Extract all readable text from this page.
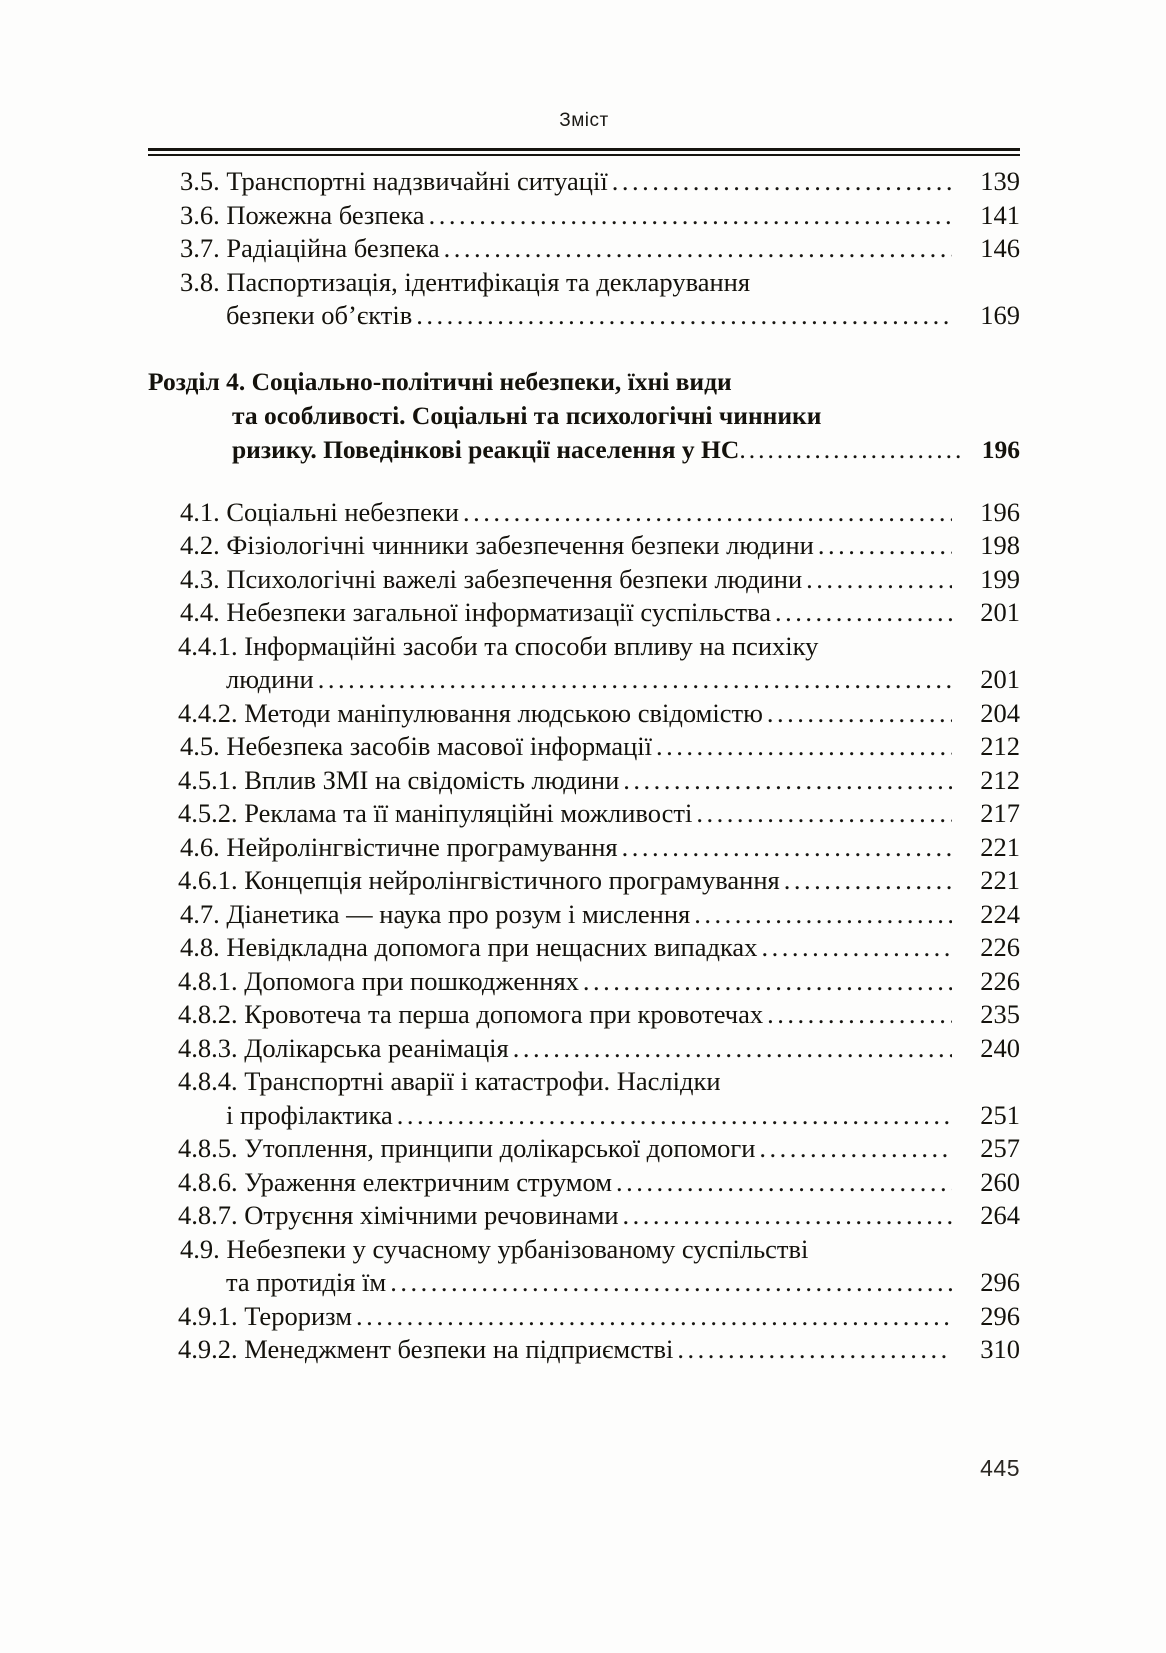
Зміст
3.5. Транспортні надзвичайні ситуації .....	139
3.6. Пожежна безпека .....	141
3.7. Радіаційна безпека .....	146
3.8. Паспортизація, ідентифікація та декларування
безпеки об’єктів .....	169
Розділ 4. Соціально-політичні небезпеки, їхні види
та особливості. Соціальні та психологічні чинники
ризику. Поведінкові реакції населення у НС .....	196
4.1. Соціальні небезпеки .....	196
4.2. Фізіологічні чинники забезпечення безпеки людини .....	198
4.3. Психологічні важелі забезпечення безпеки людини .....	199
4.4. Небезпеки загальної інформатизації суспільства .....	201
4.4.1. Інформаційні засоби та способи впливу на психіку
людини .....	201
4.4.2. Методи маніпулювання людською свідомістю .....	204
4.5. Небезпека засобів масової інформації .....	212
4.5.1. Вплив ЗМІ на свідомість людини .....	212
4.5.2. Реклама та її маніпуляційні можливості .....	217
4.6. Нейролінгвістичне програмування .....	221
4.6.1. Концепція нейролінгвістичного програмування .....	221
4.7. Діанетика — наука про розум і мислення .....	224
4.8. Невідкладна допомога при нещасних випадках .....	226
4.8.1. Допомога при пошкодженнях .....	226
4.8.2. Кровотеча та перша допомога при кровотечах .....	235
4.8.3. Долікарська реанімація .....	240
4.8.4. Транспортні аварії і катастрофи. Наслідки
і профілактика .....	251
4.8.5. Утоплення, принципи долікарської допомоги .....	257
4.8.6. Ураження електричним струмом .....	260
4.8.7. Отруєння хімічними речовинами .....	264
4.9. Небезпеки у сучасному урбанізованому суспільстві
та протидія їм .....	296
4.9.1. Тероризм .....	296
4.9.2. Менеджмент безпеки на підприємстві .....	310
445
